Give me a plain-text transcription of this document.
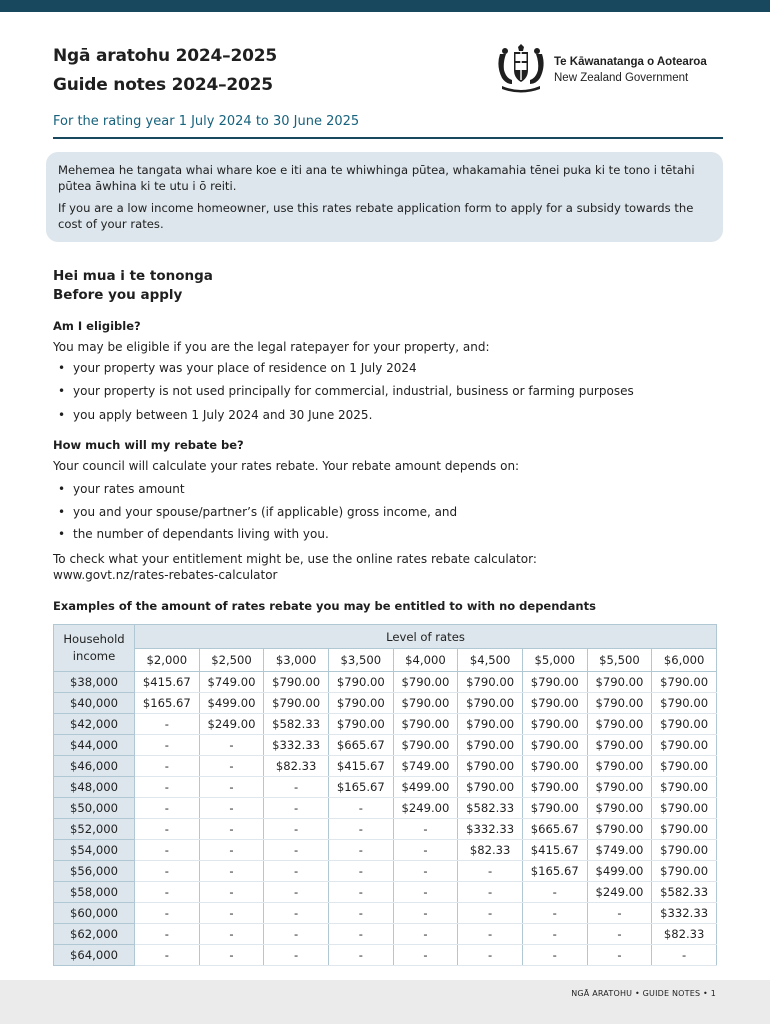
Ngā aratohu 2024–2025
Guide notes 2024–2025
For the rating year 1 July 2024 to 30 June 2025
Te Kāwanatanga o Aotearoa
New Zealand Government

Mehemea he tangata whai whare koe e iti ana te whiwhinga pūtea, whakamahia tēnei puka ki te tono i tētahi pūtea āwhina ki te utu i ō reiti.

If you are a low income homeowner, use this rates rebate application form to apply for a subsidy towards the cost of your rates.

Hei mua i te tononga
Before you apply
Am I eligible?
You may be eligible if you are the legal ratepayer for your property, and:
• your property was your place of residence on 1 July 2024
• your property is not used principally for commercial, industrial, business or farming purposes
• you apply between 1 July 2024 and 30 June 2025.
How much will my rebate be?
Your council will calculate your rates rebate. Your rebate amount depends on:
• your rates amount
• you and your spouse/partner’s (if applicable) gross income, and
• the number of dependants living with you.
To check what your entitlement might be, use the online rates rebate calculator:
www.govt.nz/rates-rebates-calculator
Examples of the amount of rates rebate you may be entitled to with no dependants
Household
income	Level of rates								
	$2,000	$2,500	$3,000	$3,500	$4,000	$4,500	$5,000	$5,500	$6,000
$38,000	$415.67	$749.00	$790.00	$790.00	$790.00	$790.00	$790.00	$790.00	$790.00
$40,000	$165.67	$499.00	$790.00	$790.00	$790.00	$790.00	$790.00	$790.00	$790.00
$42,000	-	$249.00	$582.33	$790.00	$790.00	$790.00	$790.00	$790.00	$790.00
$44,000	-	-	$332.33	$665.67	$790.00	$790.00	$790.00	$790.00	$790.00
$46,000	-	-	$82.33	$415.67	$749.00	$790.00	$790.00	$790.00	$790.00
$48,000	-	-	-	$165.67	$499.00	$790.00	$790.00	$790.00	$790.00
$50,000	-	-	-	-	$249.00	$582.33	$790.00	$790.00	$790.00
$52,000	-	-	-	-	-	$332.33	$665.67	$790.00	$790.00
$54,000	-	-	-	-	-	$82.33	$415.67	$749.00	$790.00
$56,000	-	-	-	-	-	-	$165.67	$499.00	$790.00
$58,000	-	-	-	-	-	-	-	$249.00	$582.33
$60,000	-	-	-	-	-	-	-	-	$332.33
$62,000	-	-	-	-	-	-	-	-	$82.33
$64,000	-	-	-	-	-	-	-	-	-
NGĀ ARATOHU • GUIDE NOTES • 1
